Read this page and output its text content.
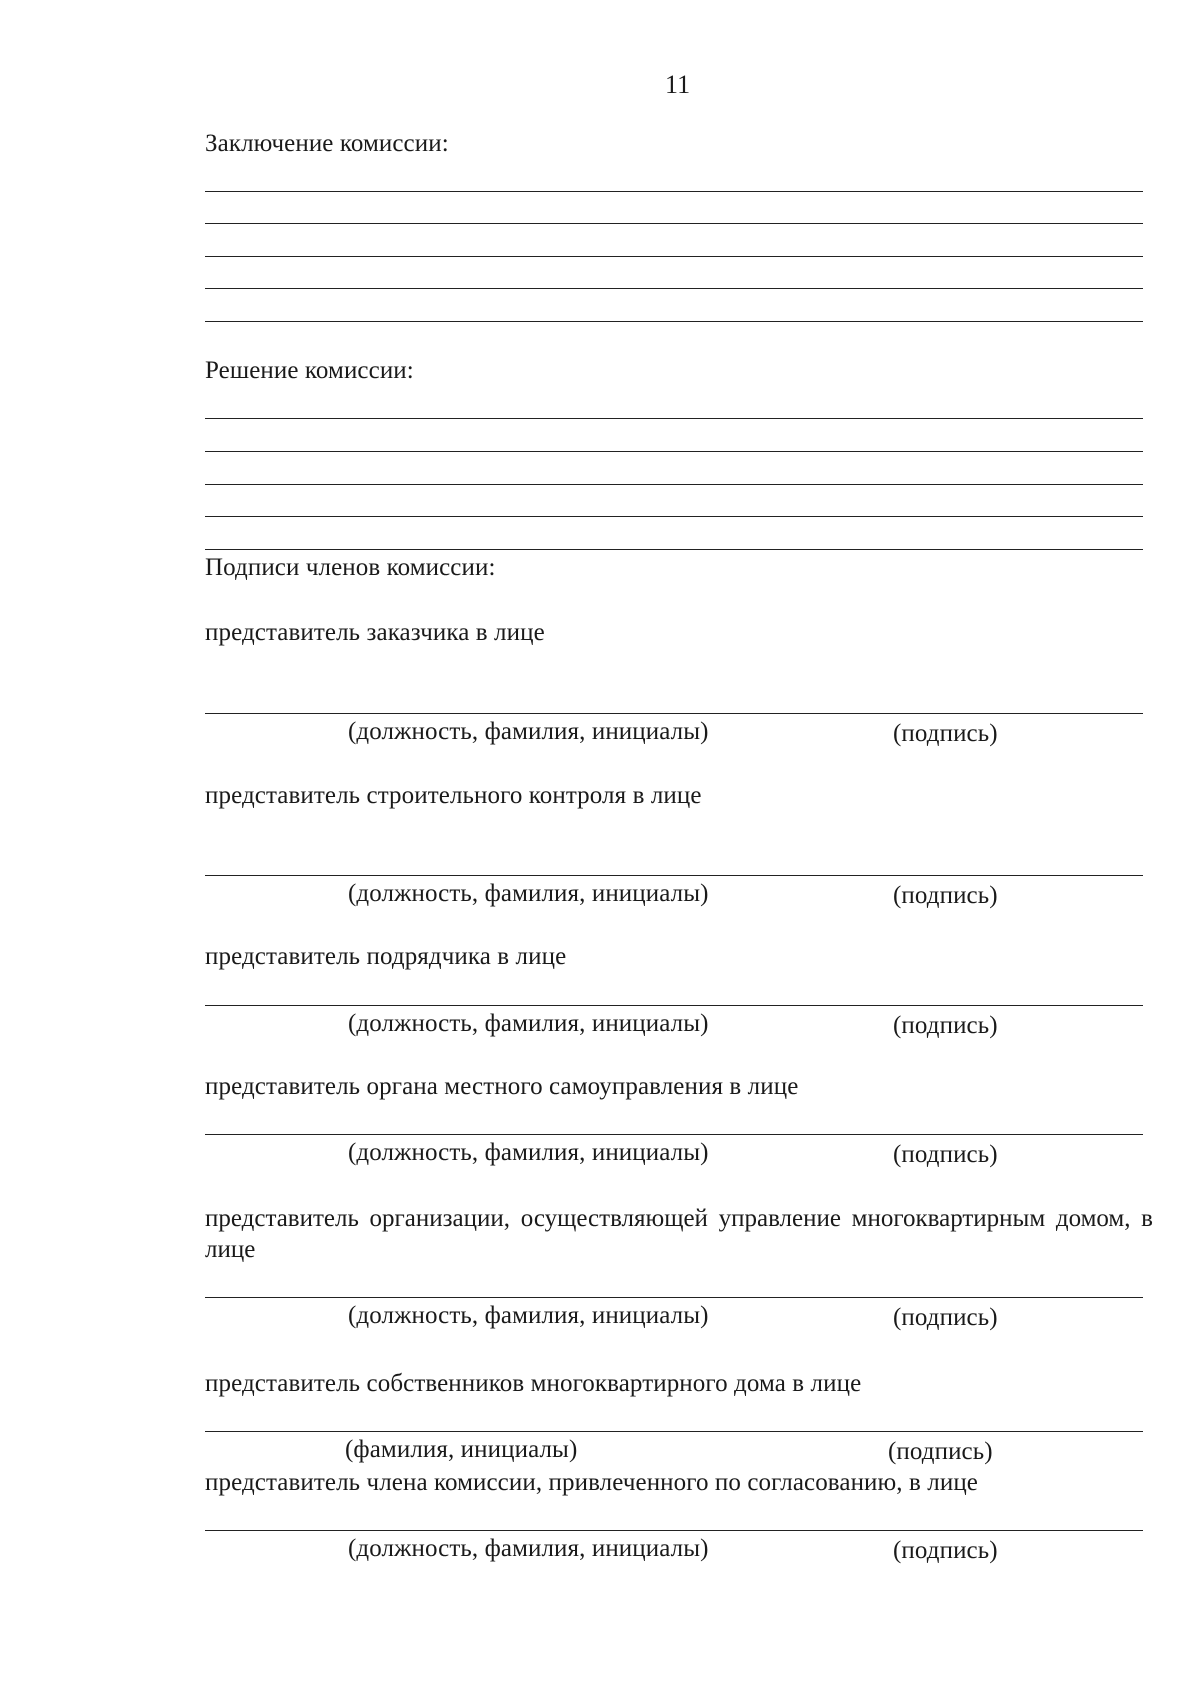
11
Заключение комиссии:
Решение комиссии:
Подписи членов комиссии:
представитель заказчика в лице
(должность, фамилия, инициалы)	(подпись)
представитель строительного контроля в лице
(должность, фамилия, инициалы)	(подпись)
представитель подрядчика в лице
(должность, фамилия, инициалы)	(подпись)
представитель органа местного самоуправления в лице
(должность, фамилия, инициалы)	(подпись)
представитель организации, осуществляющей управление многоквартирным домом, в лице
(должность, фамилия, инициалы)	(подпись)
представитель собственников многоквартирного дома в лице
(фамилия, инициалы)	(подпись)
представитель члена комиссии, привлеченного по согласованию, в лице
(должность, фамилия, инициалы)	(подпись)
